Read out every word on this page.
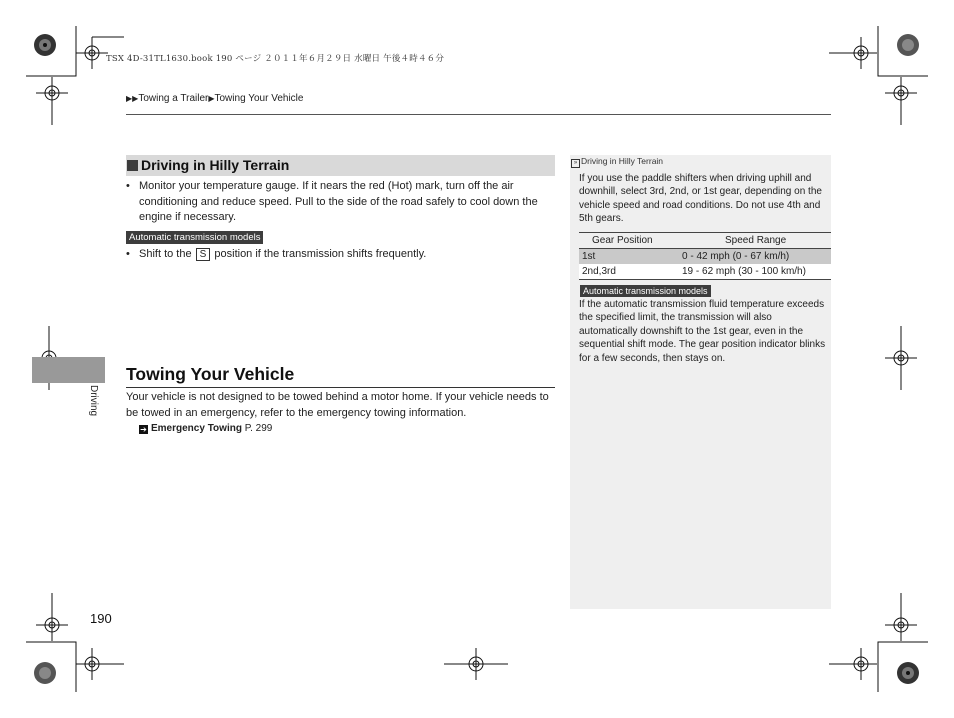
TSX 4D-31TL1630.book 190 ページ ２０１１年６月２９日 水曜日 午後４時４６分
▶▶Towing a Trailer▶Towing Your Vehicle
Driving in Hilly Terrain
• Monitor your temperature gauge. If it nears the red (Hot) mark, turn off the air conditioning and reduce speed. Pull to the side of the road safely to cool down the engine if necessary.
Automatic transmission models
• Shift to the S position if the transmission shifts frequently.
Driving
Towing Your Vehicle
Your vehicle is not designed to be towed behind a motor home. If your vehicle needs to be towed in an emergency, refer to the emergency towing information.
➔ Emergency Towing P. 299
190
» Driving in Hilly Terrain
If you use the paddle shifters when driving uphill and downhill, select 3rd, 2nd, or 1st gear, depending on the vehicle speed and road conditions. Do not use 4th and 5th gears.
Gear Position	Speed Range
1st	0 - 42 mph (0 - 67 km/h)
2nd,3rd	19 - 62 mph (30 - 100 km/h)
Automatic transmission models
If the automatic transmission fluid temperature exceeds the specified limit, the transmission will also automatically downshift to the 1st gear, even in the sequential shift mode. The gear position indicator blinks for a few seconds, then stays on.
